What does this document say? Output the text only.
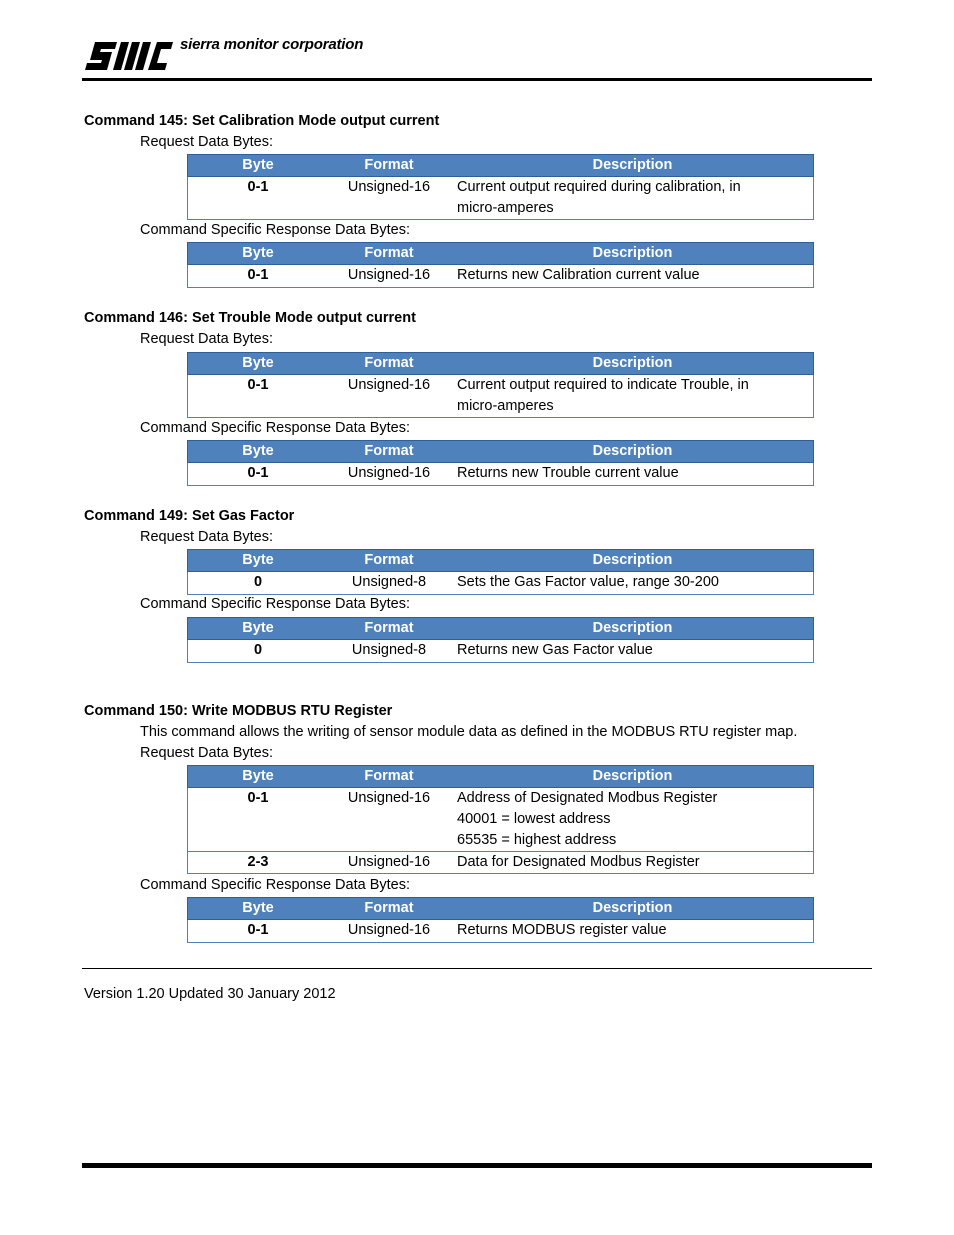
sierra monitor corporation
Command 145: Set Calibration Mode output current
Request Data Bytes:
Byte	Format	Description
0-1	Unsigned-16	Current output required during calibration, in
micro-amperes
Command Specific Response Data Bytes:
Byte	Format	Description
0-1	Unsigned-16	Returns new Calibration current value
Command 146: Set Trouble Mode output current
Request Data Bytes:
Byte	Format	Description
0-1	Unsigned-16	Current output required to indicate Trouble, in
micro-amperes
Command Specific Response Data Bytes:
Byte	Format	Description
0-1	Unsigned-16	Returns new Trouble current value
Command 149: Set Gas Factor
Request Data Bytes:
Byte	Format	Description
0	Unsigned-8	Sets the Gas Factor value, range 30-200
Command Specific Response Data Bytes:
Byte	Format	Description
0	Unsigned-8	Returns new Gas Factor value
Command 150: Write MODBUS RTU Register
This command allows the writing of sensor module data as defined in the MODBUS RTU register map.
Request Data Bytes:
Byte	Format	Description
0-1	Unsigned-16	Address of Designated Modbus Register
40001 = lowest address
65535 = highest address
2-3	Unsigned-16	Data for Designated Modbus Register
Command Specific Response Data Bytes:
Byte	Format	Description
0-1	Unsigned-16	Returns MODBUS register value
Version 1.20 Updated 30 January 2012
